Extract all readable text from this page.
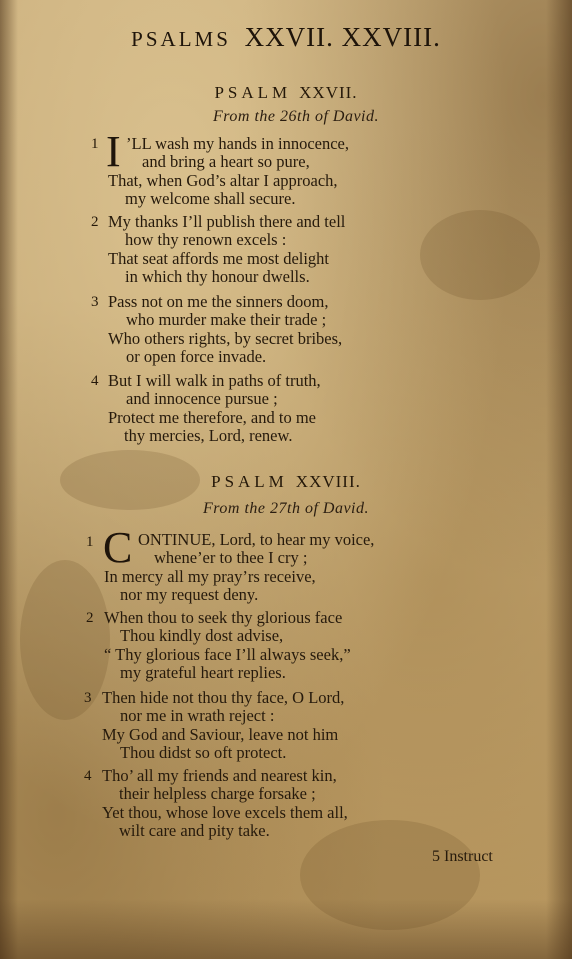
PSALMS XXVII. XXVIII.
PSALM XXVII.
From the 26th of David.
1 I ’LL wash my hands in innocence,
and bring a heart so pure,
That, when God’s altar I approach,
my welcome shall secure.
2 My thanks I’ll publish there and tell
how thy renown excels :
That seat affords me most delight
in which thy honour dwells.
3 Pass not on me the sinners doom,
who murder make their trade ;
Who others rights, by secret bribes,
or open force invade.
4 But I will walk in paths of truth,
and innocence pursue ;
Protect me therefore, and to me
thy mercies, Lord, renew.
PSALM XXVIII.
From the 27th of David.
1 C ONTINUE, Lord, to hear my voice,
whene’er to thee I cry ;
In mercy all my pray’rs receive,
nor my request deny.
2 When thou to seek thy glorious face
Thou kindly dost advise,
“ Thy glorious face I’ll always seek,”
my grateful heart replies.
3 Then hide not thou thy face, O Lord,
nor me in wrath reject :
My God and Saviour, leave not him
Thou didst so oft protect.
4 Tho’ all my friends and nearest kin,
their helpless charge forsake ;
Yet thou, whose love excels them all,
wilt care and pity take.
5 Instruct
